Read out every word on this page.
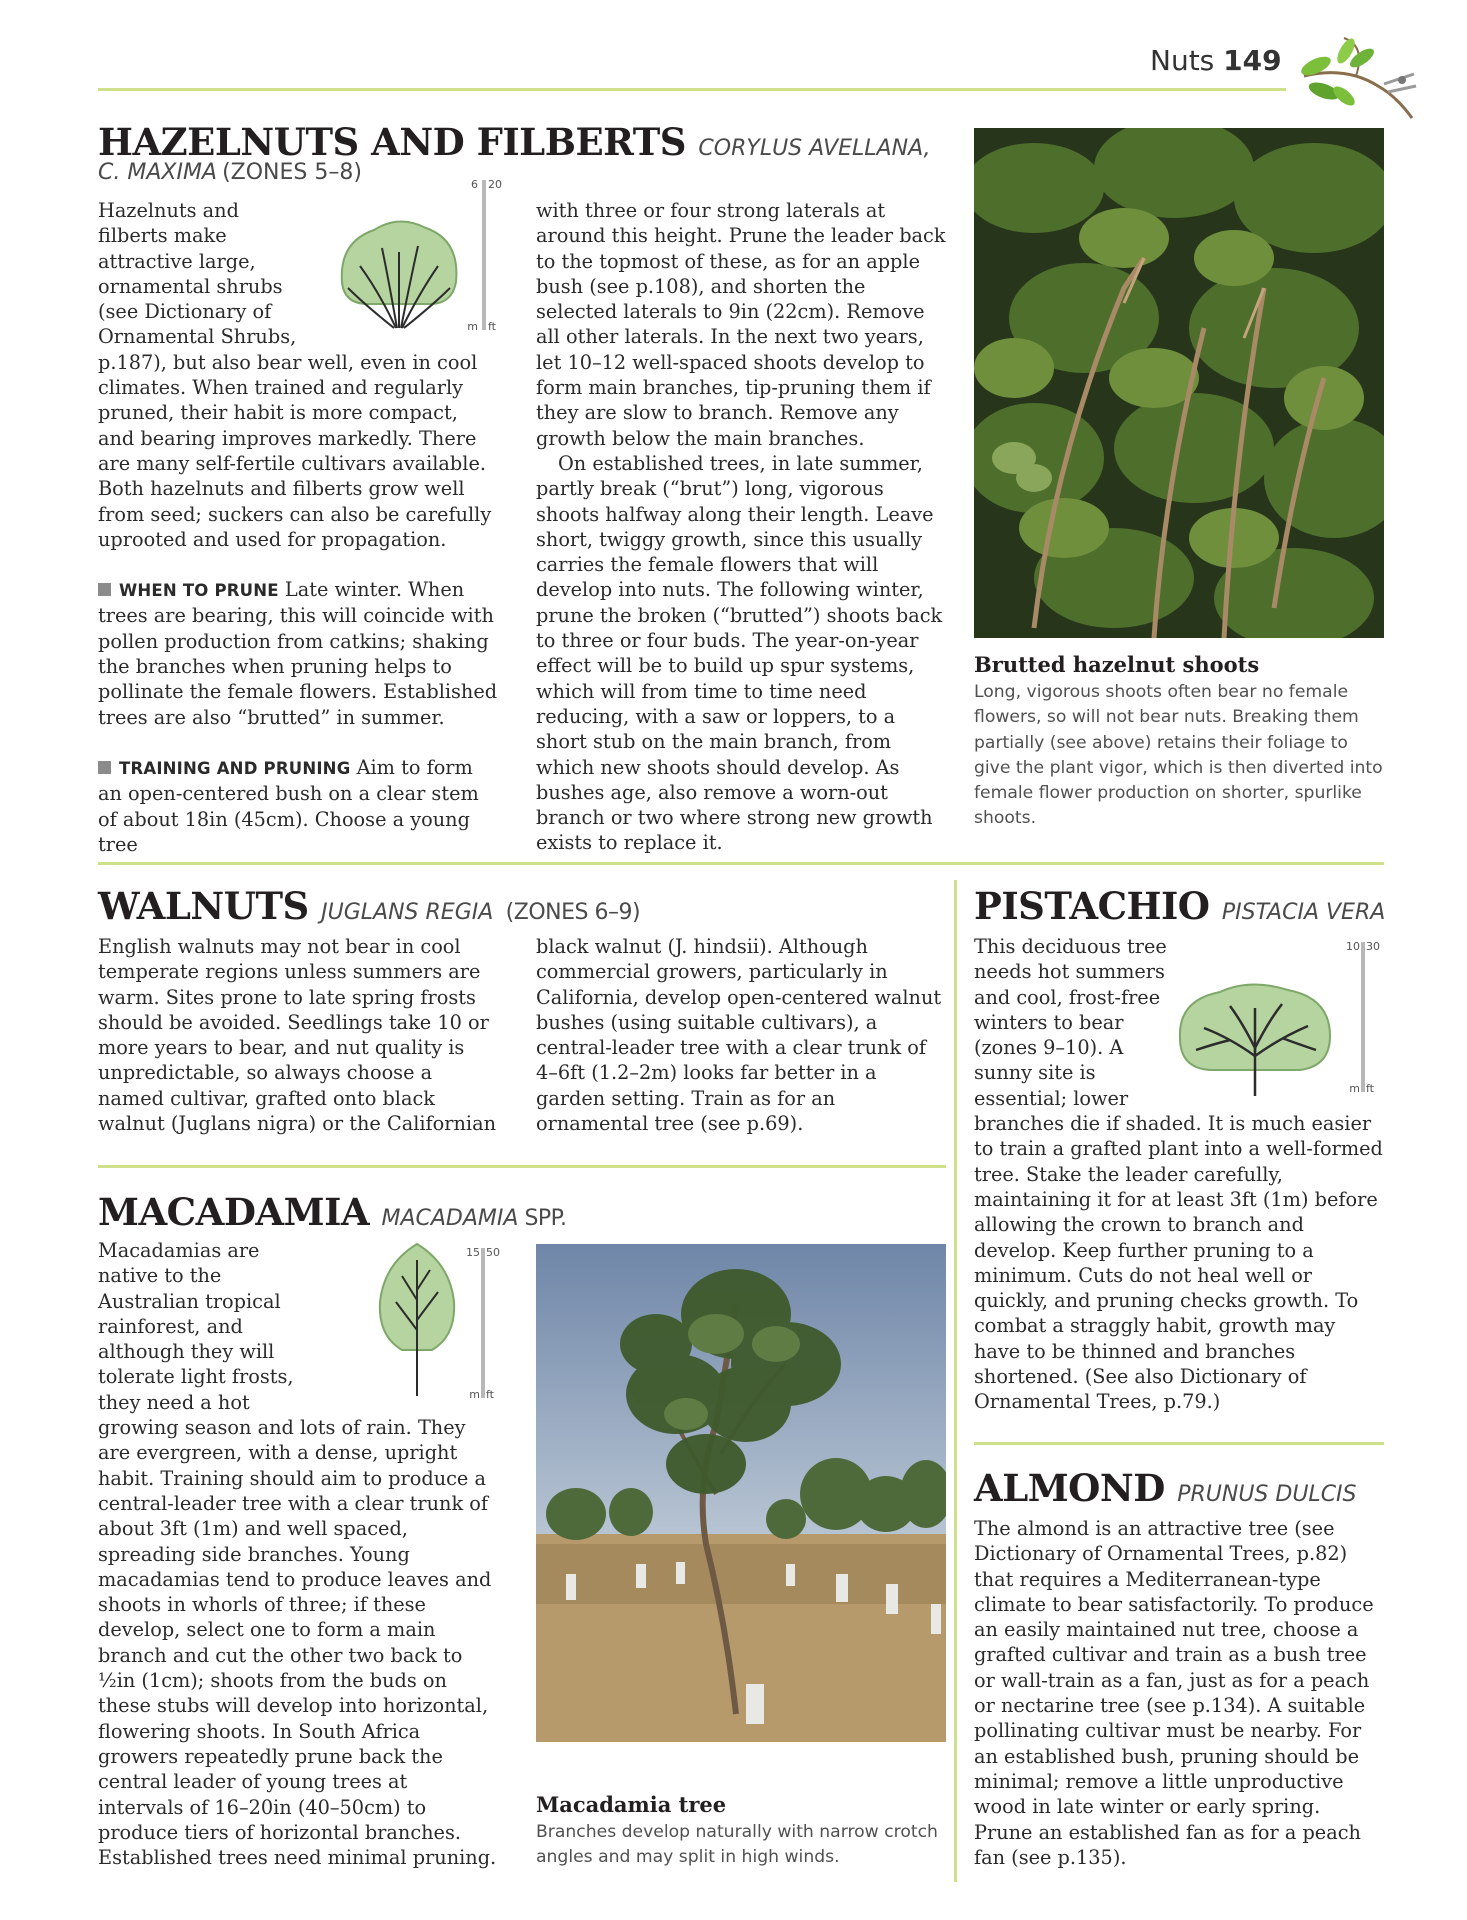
Nuts 149
HAZELNUTS AND FILBERTS CORYLUS AVELLANA,
C. MAXIMA (ZONES 5–8)	6 20
m ft
Hazelnuts and
filberts make
attractive large,
ornamental shrubs
(see Dictionary of
Ornamental Shrubs,

p.187), but also bear well, even in cool climates. When trained and regularly pruned, their habit is more compact, and bearing improves markedly. There are many self-fertile cultivars available. Both hazelnuts and filberts grow well from seed; suckers can also be carefully uprooted and used for propagation.

WHEN TO PRUNE Late winter. When trees are bearing, this will coincide with pollen production from catkins; shaking the branches when pruning helps to pollinate the female flowers. Established trees are also “brutted” in summer.

TRAINING AND PRUNING Aim to form an open-centered bush on a clear stem of about 18in (45cm). Choose a young tree

with three or four strong laterals at around this height. Prune the leader back to the topmost of these, as for an apple bush (see p.108), and shorten the selected laterals to 9in (22cm). Remove all other laterals. In the next two years, let 10–12 well-spaced shoots develop to form main branches, tip-pruning them if they are slow to branch. Remove any growth below the main branches.

On established trees, in late summer, partly break (“brut”) long, vigorous shoots halfway along their length. Leave short, twiggy growth, since this usually carries the female flowers that will develop into nuts. The following winter, prune the broken (“brutted”) shoots back to three or four buds. The year-on-year effect will be to build up spur systems, which will from time to time need reducing, with a saw or loppers, to a short stub on the main branch, from which new shoots should develop. As bushes age, also remove a worn-out branch or two where strong new growth exists to replace it.

Brutted hazelnut shoots
Long, vigorous shoots often bear no female flowers, so will not bear nuts. Breaking them partially (see above) retains their foliage to give the plant vigor, which is then diverted into female flower production on shorter, spurlike shoots.
WALNUTS JUGLANS REGIA (ZONES 6–9)
English walnuts may not bear in cool temperate regions unless summers are warm. Sites prone to late spring frosts should be avoided. Seedlings take 10 or more years to bear, and nut quality is unpredictable, so always choose a named cultivar, grafted onto black walnut (Juglans nigra) or the Californian
black walnut (J. hindsii). Although commercial growers, particularly in California, develop open-centered walnut bushes (using suitable cultivars), a central-leader tree with a clear trunk of 4–6ft (1.2–2m) looks far better in a garden setting. Train as for an ornamental tree (see p.69).
MACADAMIA MACADAMIA SPP.
15 50
m ft
Macadamias are
native to the
Australian tropical
rainforest, and
although they will
tolerate light frosts,
they need a hot

growing season and lots of rain. They are evergreen, with a dense, upright habit. Training should aim to produce a central-leader tree with a clear trunk of about 3ft (1m) and well spaced, spreading side branches. Young macadamias tend to produce leaves and shoots in whorls of three; if these develop, select one to form a main branch and cut the other two back to ½in (1cm); shoots from the buds on these stubs will develop into horizontal, flowering shoots. In South Africa growers repeatedly prune back the central leader of young trees at intervals of 16–20in (40–50cm) to produce tiers of horizontal branches. Established trees need minimal pruning.

Macadamia tree
Branches develop naturally with narrow crotch angles and may split in high winds.
PISTACHIO PISTACIA VERA
10 30
m ft
This deciduous tree
needs hot summers
and cool, frost-free
winters to bear
(zones 9–10). A
sunny site is
essential; lower

branches die if shaded. It is much easier to train a grafted plant into a well-formed tree. Stake the leader carefully, maintaining it for at least 3ft (1m) before allowing the crown to branch and develop. Keep further pruning to a minimum. Cuts do not heal well or quickly, and pruning checks growth. To combat a straggly habit, growth may have to be thinned and branches shortened. (See also Dictionary of Ornamental Trees, p.79.)

ALMOND PRUNUS DULCIS
The almond is an attractive tree (see Dictionary of Ornamental Trees, p.82) that requires a Mediterranean-type climate to bear satisfactorily. To produce an easily maintained nut tree, choose a grafted cultivar and train as a bush tree or wall-train as a fan, just as for a peach or nectarine tree (see p.134). A suitable pollinating cultivar must be nearby. For an established bush, pruning should be minimal; remove a little unproductive wood in late winter or early spring. Prune an established fan as for a peach fan (see p.135).
